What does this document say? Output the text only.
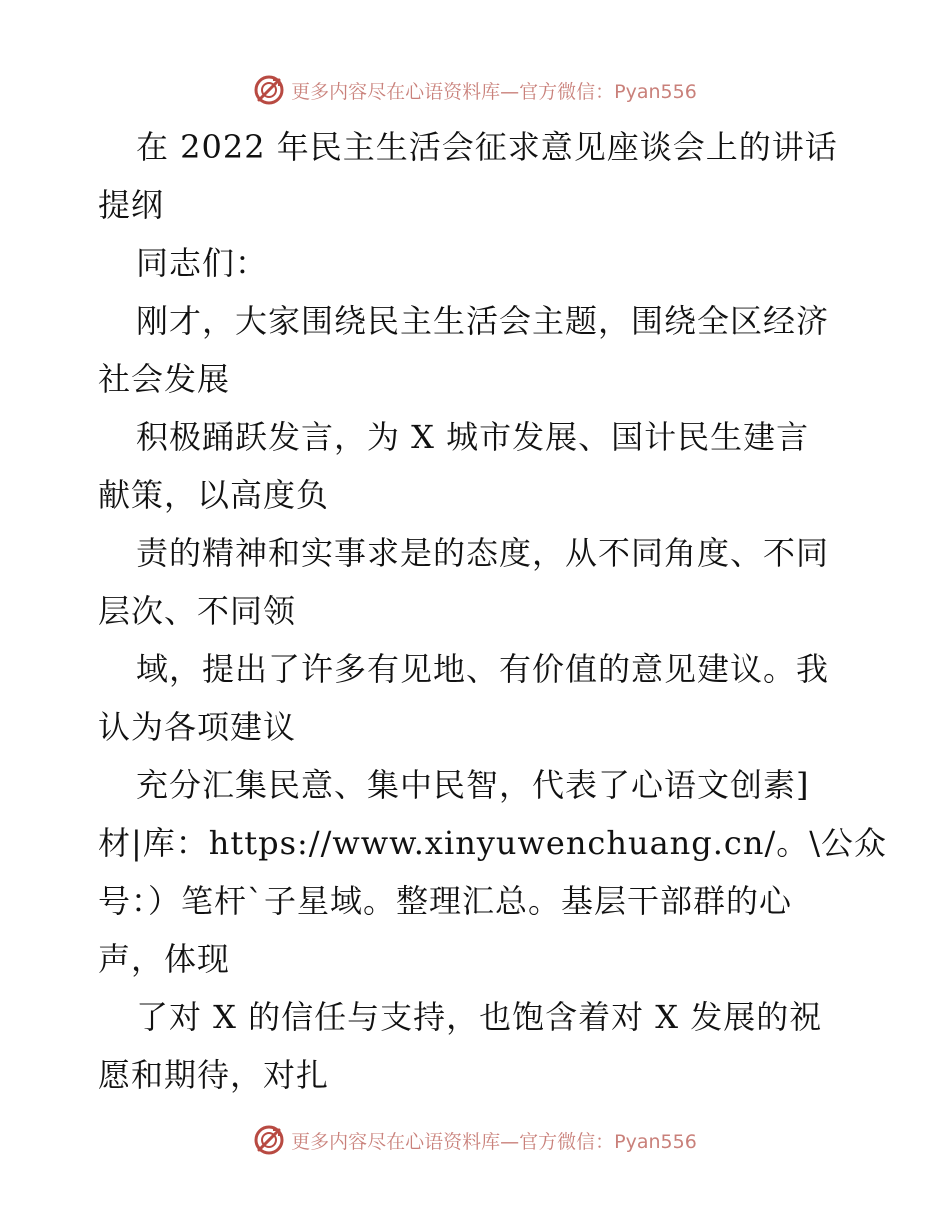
更多内容尽在心语资料库—官方微信：Pyan556

在 2022 年民主生活会征求意见座谈会上的讲话

提纲

同志们：

刚才，大家围绕民主生活会主题，围绕全区经济

社会发展

积极踊跃发言，为 X 城市发展、国计民生建言

献策，以高度负

责的精神和实事求是的态度，从不同角度、不同

层次、不同领

域，提出了许多有见地、有价值的意见建议。我

认为各项建议

充分汇集民意、集中民智，代表了心语文创素]

材|库：https://www.xinyuwenchuang.cn/。\公众

号：）笔杆`子星域。整理汇总。基层干部群的心

声，体现

了对 X 的信任与支持，也饱含着对 X 发展的祝

愿和期待，对扎

更多内容尽在心语资料库—官方微信：Pyan556
